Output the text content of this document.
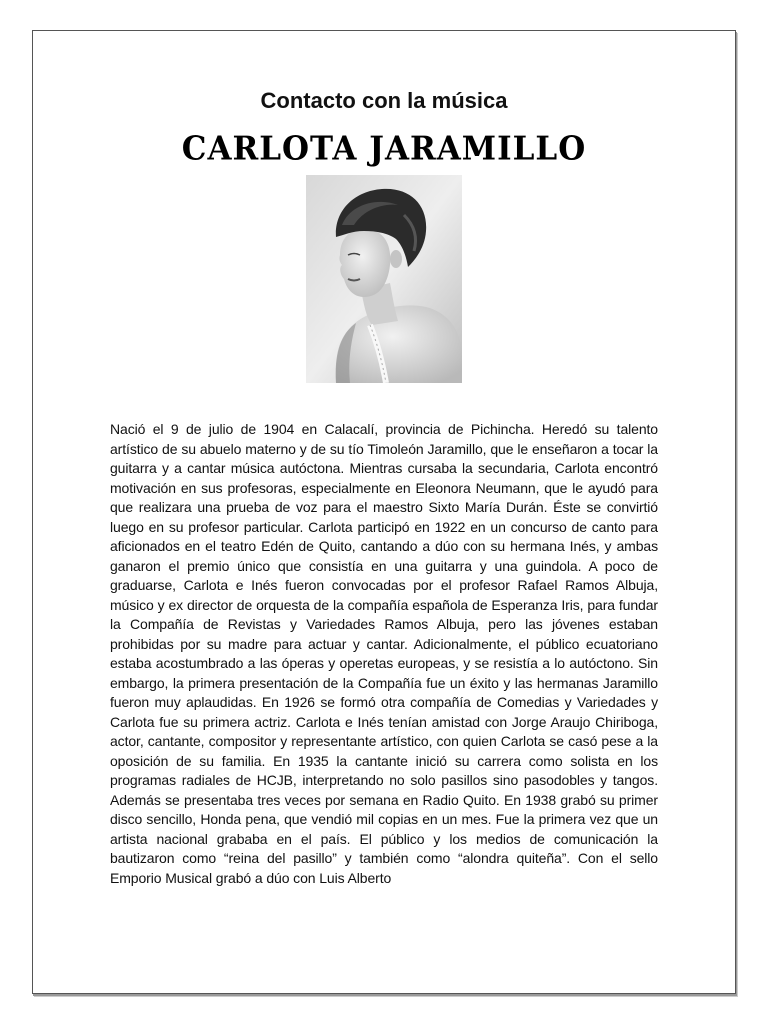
Contacto con la música
CARLOTA JARAMILLO
Nació el 9 de julio de 1904 en Calacalí, provincia de Pichincha. Heredó su talento artístico de su abuelo materno y de su tío Timoleón Jaramillo, que le enseñaron a tocar la guitarra y a cantar música autóctona. Mientras cursaba la secundaria, Carlota encontró motivación en sus profesoras, especialmente en Eleonora Neumann, que le ayudó para que realizara una prueba de voz para el maestro Sixto María Durán. Éste se convirtió luego en su profesor particular. Carlota participó en 1922 en un concurso de canto para aficionados en el teatro Edén de Quito, cantando a dúo con su hermana Inés, y ambas ganaron el premio único que consistía en una guitarra y una guindola. A poco de graduarse, Carlota e Inés fueron convocadas por el profesor Rafael Ramos Albuja, músico y ex director de orquesta de la compañía española de Esperanza Iris, para fundar la Compañía de Revistas y Variedades Ramos Albuja, pero las jóvenes estaban prohibidas por su madre para actuar y cantar. Adicionalmente, el público ecuatoriano estaba acostumbrado a las óperas y operetas europeas, y se resistía a lo autóctono. Sin embargo, la primera presentación de la Compañía fue un éxito y las hermanas Jaramillo fueron muy aplaudidas. En 1926 se formó otra compañía de Comedias y Variedades y Carlota fue su primera actriz. Carlota e Inés tenían amistad con Jorge Araujo Chiriboga, actor, cantante, compositor y representante artístico, con quien Carlota se casó pese a la oposición de su familia. En 1935 la cantante inició su carrera como solista en los programas radiales de HCJB, interpretando no solo pasillos sino pasodobles y tangos. Además se presentaba tres veces por semana en Radio Quito. En 1938 grabó su primer disco sencillo, Honda pena, que vendió mil copias en un mes. Fue la primera vez que un artista nacional grababa en el país. El público y los medios de comunicación la bautizaron como “reina del pasillo” y también como “alondra quiteña”. Con el sello Emporio Musical grabó a dúo con Luis Alberto
